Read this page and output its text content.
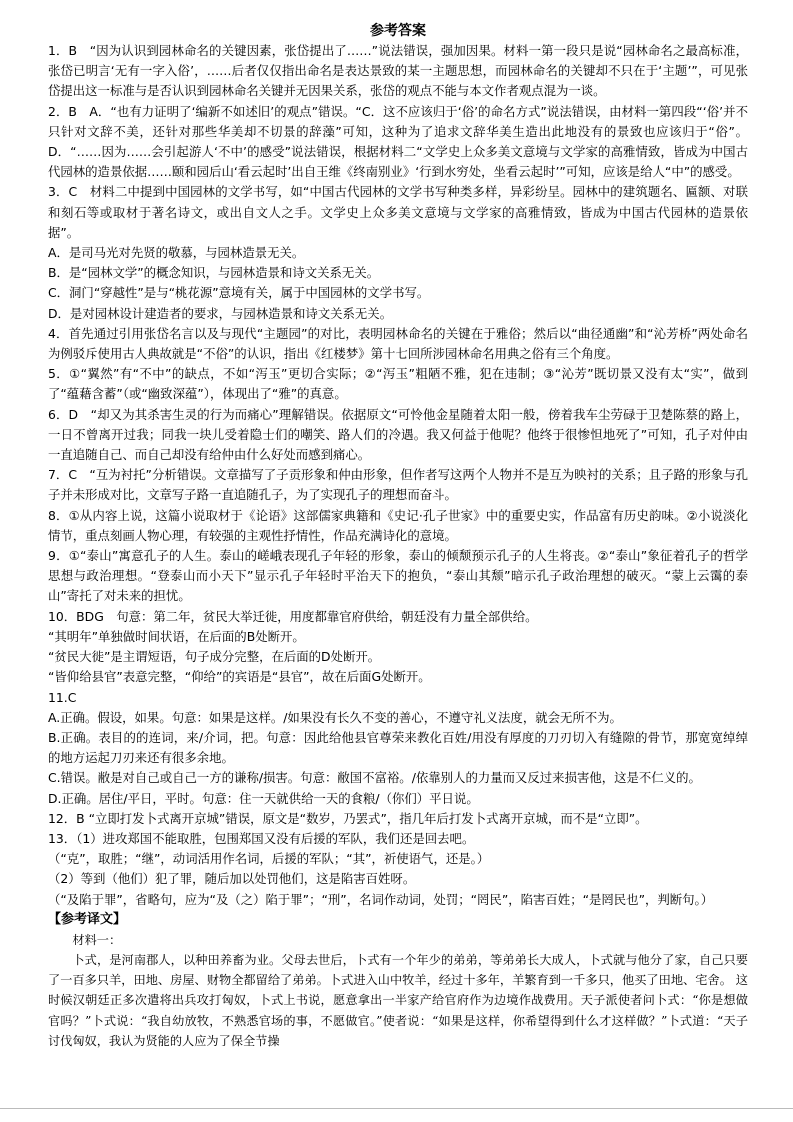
参考答案

1．B　“因为认识到园林命名的关键因素，张岱提出了……”说法错误，强加因果。材料一第一段只是说“园林命名之最高标准，张岱已明言‘无有一字入俗’，……后者仅仅指出命名是表达景致的某一主题思想，而园林命名的关键却不只在于‘主题’”，可见张岱提出这一标准与是否认识到园林命名关键并无因果关系，张岱的观点不能与本文作者观点混为一谈。

2．B　A．“也有力证明了‘编新不如述旧’的观点”错误。“C．这不应该归于‘俗’的命名方式”说法错误，由材料一第四段“‘俗’并不只针对文辞不美，还针对那些华美却不切景的辞藻”可知，这种为了追求文辞华美生造出此地没有的景致也应该归于“俗”。 D．“……因为……会引起游人‘不中’的感受”说法错误，根据材料二“文学史上众多美文意境与文学家的高雅情致，皆成为中国古代园林的造景依据……颐和园后山‘看云起时’出自王维《终南别业》‘行到水穷处，坐看云起时’”可知，应该是给人“中”的感受。

3．C　材料二中提到中国园林的文学书写，如“中国古代园林的文学书写种类多样，异彩纷呈。园林中的建筑题名、匾额、对联和刻石等或取材于著名诗文，或出自文人之手。文学史上众多美文意境与文学家的高雅情致，皆成为中国古代园林的造景依据”。

A．是司马光对先贤的敬慕，与园林造景无关。

B．是“园林文学”的概念知识，与园林造景和诗文关系无关。

C．洞门“穿越性”是与“桃花源”意境有关，属于中国园林的文学书写。

D．是对园林设计建造者的要求，与园林造景和诗文关系无关。

4．首先通过引用张岱名言以及与现代“主题园”的对比，表明园林命名的关键在于雅俗；然后以“曲径通幽”和“沁芳桥”两处命名为例驳斥使用古人典故就是“不俗”的认识，指出《红楼梦》第十七回所涉园林命名用典之俗有三个角度。

5．①“翼然”有“不中”的缺点，不如“泻玉”更切合实际；②“泻玉”粗陋不雅，犯在违制；③“沁芳”既切景又没有太“实”，做到了“蕴藉含蓄”（或“幽致深蕴”），体现出了“雅”的真意。

6．D　“却又为其杀害生灵的行为而痛心”理解错误。依据原文“可怜他金星随着太阳一般，傍着我车尘劳碌于卫楚陈蔡的路上，一日不曾离开过我；同我一块儿受着隐士们的嘲笑、路人们的冷遇。我又何益于他呢？他终于很惨怛地死了”可知，孔子对仲由一直追随自己、而自己却没有给仲由什么好处而感到痛心。

7．C　“互为衬托”分析错误。文章描写了子贡形象和仲由形象，但作者写这两个人物并不是互为映衬的关系；且子路的形象与孔子并未形成对比，文章写子路一直追随孔子，为了实现孔子的理想而奋斗。

8．①从内容上说，这篇小说取材于《论语》这部儒家典籍和《史记·孔子世家》中的重要史实，作品富有历史韵味。②小说淡化情节，重点刻画人物心理，有较强的主观性抒情性，作品充满诗化的意境。

9．①“泰山”寓意孔子的人生。泰山的嵯峨表现孔子年轻的形象，泰山的倾颓预示孔子的人生将丧。②“泰山”象征着孔子的哲学思想与政治理想。“登泰山而小天下”显示孔子年轻时平治天下的抱负，“泰山其颓”暗示孔子政治理想的破灭。“蒙上云霭的泰山”寄托了对未来的担忧。

10．BDG　句意：第二年，贫民大举迁徙，用度都靠官府供给，朝廷没有力量全部供给。

“其明年”单独做时间状语，在后面的B处断开。

“贫民大徙”是主谓短语，句子成分完整，在后面的D处断开。

“皆仰给县官”表意完整，“仰给”的宾语是“县官”，故在后面G处断开。

11.C

A.正确。假设，如果。句意：如果是这样。/如果没有长久不变的善心，不遵守礼义法度，就会无所不为。

B.正确。表目的的连词，来/介词，把。句意：因此给他县官尊荣来教化百姓/用没有厚度的刀刃切入有缝隙的骨节，那宽宽绰绰的地方运起刀刃来还有很多余地。

C.错误。敝是对自己或自己一方的谦称/损害。句意：敝国不富裕。/依靠别人的力量而又反过来损害他，这是不仁义的。

D.正确。居住/平日，平时。句意：住一天就供给一天的食粮/（你们）平日说。

12．B “立即打发卜式离开京城”错误，原文是“数岁，乃罢式”，指几年后打发卜式离开京城，而不是“立即”。

13．（1）进攻郑国不能取胜，包围郑国又没有后援的军队，我们还是回去吧。

（“克”，取胜；“继”，动词活用作名词，后援的军队；“其”，祈使语气，还是。）

（2）等到（他们）犯了罪，随后加以处罚他们，这是陷害百姓呀。

（“及陷于罪”，省略句，应为“及（之）陷于罪”；“刑”，名词作动词，处罚；“罔民”，陷害百姓；“是罔民也”，判断句。）

【参考译文】

材料一：

卜式，是河南郡人，以种田养畜为业。父母去世后，卜式有一个年少的弟弟，等弟弟长大成人，卜式就与他分了家，自己只要了一百多只羊，田地、房屋、财物全都留给了弟弟。卜式进入山中牧羊，经过十多年，羊繁育到一千多只，他买了田地、宅舍。 这时候汉朝廷正多次遣将出兵攻打匈奴，卜式上书说，愿意拿出一半家产给官府作为边境作战费用。天子派使者问卜式：“你是想做官吗？”卜式说：“我自幼放牧，不熟悉官场的事，不愿做官。”使者说：“如果是这样，你希望得到什么才这样做？”卜式道：“天子讨伐匈奴，我认为贤能的人应为了保全节操
